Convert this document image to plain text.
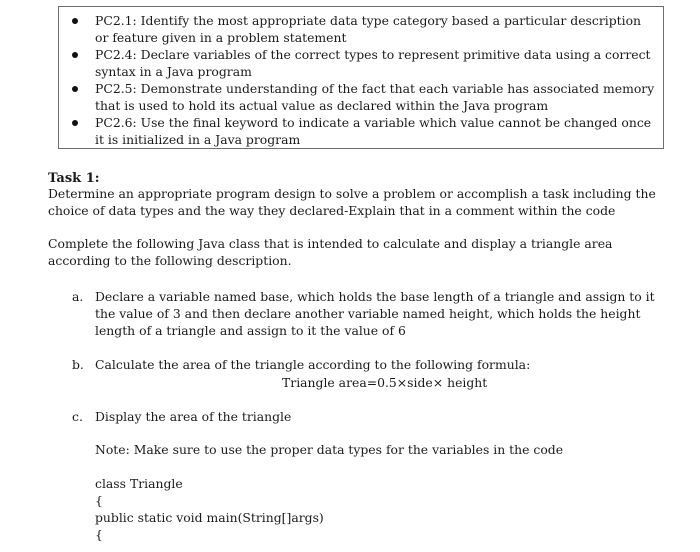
PC2.1: Identify the most appropriate data type category based a particular description or feature given in a problem statement
PC2.4: Declare variables of the correct types to represent primitive data using a correct syntax in a Java program
PC2.5: Demonstrate understanding of the fact that each variable has associated memory that is used to hold its actual value as declared within the Java program
PC2.6: Use the final keyword to indicate a variable which value cannot be changed once it is initialized in a Java program
Task 1:
Determine an appropriate program design to solve a problem or accomplish a task including the choice of data types and the way they declared-Explain that in a comment within the code
Complete the following Java class that is intended to calculate and display a triangle area according to the following description.
a. Declare a variable named base, which holds the base length of a triangle and assign to it the value of 3 and then declare another variable named height, which holds the height length of a triangle and assign to it the value of 6
b. Calculate the area of the triangle according to the following formula:
Triangle area=0.5×side× height
c. Display the area of the triangle
Note: Make sure to use the proper data types for the variables in the code
class Triangle
{
public static void main(String[]args)
{
